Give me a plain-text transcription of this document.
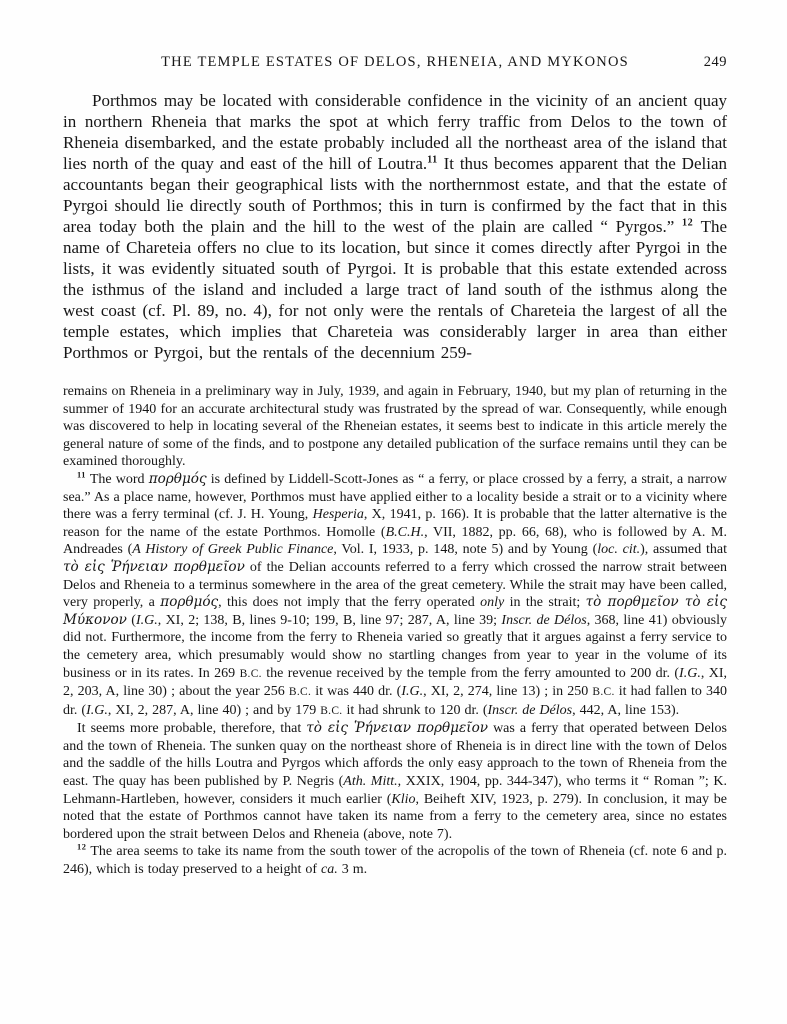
THE TEMPLE ESTATES OF DELOS, RHENEIA, AND MYKONOS	249

Porthmos may be located with considerable confidence in the vicinity of an ancient quay in northern Rheneia that marks the spot at which ferry traffic from Delos to the town of Rheneia disembarked, and the estate probably included all the northeast area of the island that lies north of the quay and east of the hill of Loutra.$^{11}$ It thus becomes apparent that the Delian accountants began their geographical lists with the northernmost estate, and that the estate of Pyrgoi should lie directly south of Porthmos; this in turn is confirmed by the fact that in this area today both the plain and the hill to the west of the plain are called “ Pyrgos.” $^{12}$ The name of Chareteia offers no clue to its location, but since it comes directly after Pyrgoi in the lists, it was evidently situated south of Pyrgoi. It is probable that this estate extended across the isthmus of the island and included a large tract of land south of the isthmus along the west coast (cf. Pl. 89, no. 4), for not only were the rentals of Chareteia the largest of all the temple estates, which implies that Chareteia was considerably larger in area than either Porthmos or Pyrgoi, but the rentals of the decennium 259-

remains on Rheneia in a preliminary way in July, 1939, and again in February, 1940, but my plan of returning in the summer of 1940 for an accurate architectural study was frustrated by the spread of war. Consequently, while enough was discovered to help in locating several of the Rheneian estates, it seems best to indicate in this article merely the general nature of some of the finds, and to postpone any detailed publication of the surface remains until they can be examined thoroughly.

$^{11}$ The word πορθμός is defined by Liddell-Scott-Jones as “ a ferry, or place crossed by a ferry, a strait, a narrow sea.” As a place name, however, Porthmos must have applied either to a locality beside a strait or to a vicinity where there was a ferry terminal (cf. J. H. Young, Hesperia, X, 1941, p. 166). It is probable that the latter alternative is the reason for the name of the estate Porthmos. Homolle (B.C.H., VII, 1882, pp. 66, 68), who is followed by A. M. Andreades (A History of Greek Public Finance, Vol. I, 1933, p. 148, note 5) and by Young (loc. cit.), assumed that τὸ εἰς Ῥήνειαν πορθμεῖον of the Delian accounts referred to a ferry which crossed the narrow strait between Delos and Rheneia to a terminus somewhere in the area of the great cemetery. While the strait may have been called, very properly, a πορθμός, this does not imply that the ferry operated only in the strait; τὸ πορθμεῖον τὸ εἰς Μύκονον (I.G., XI, 2; 138, B, lines 9-10; 199, B, line 97; 287, A, line 39; Inscr. de Délos, 368, line 41) obviously did not. Furthermore, the income from the ferry to Rheneia varied so greatly that it argues against a ferry service to the cemetery area, which presumably would show no startling changes from year to year in the volume of its business or in its rates. In 269 B.C. the revenue received by the temple from the ferry amounted to 200 dr. (I.G., XI, 2, 203, A, line 30) ; about the year 256 B.C. it was 440 dr. (I.G., XI, 2, 274, line 13) ; in 250 B.C. it had fallen to 340 dr. (I.G., XI, 2, 287, A, line 40) ; and by 179 B.C. it had shrunk to 120 dr. (Inscr. de Délos, 442, A, line 153).

It seems more probable, therefore, that τὸ εἰς Ῥήνειαν πορθμεῖον was a ferry that operated between Delos and the town of Rheneia. The sunken quay on the northeast shore of Rheneia is in direct line with the town of Delos and the saddle of the hills Loutra and Pyrgos which affords the only easy approach to the town of Rheneia from the east. The quay has been published by P. Negris (Ath. Mitt., XXIX, 1904, pp. 344-347), who terms it “ Roman ”; K. Lehmann-Hartleben, however, considers it much earlier (Klio, Beiheft XIV, 1923, p. 279). In conclusion, it may be noted that the estate of Porthmos cannot have taken its name from a ferry to the cemetery area, since no estates bordered upon the strait between Delos and Rheneia (above, note 7).

$^{12}$ The area seems to take its name from the south tower of the acropolis of the town of Rheneia (cf. note 6 and p. 246), which is today preserved to a height of ca. 3 m.
